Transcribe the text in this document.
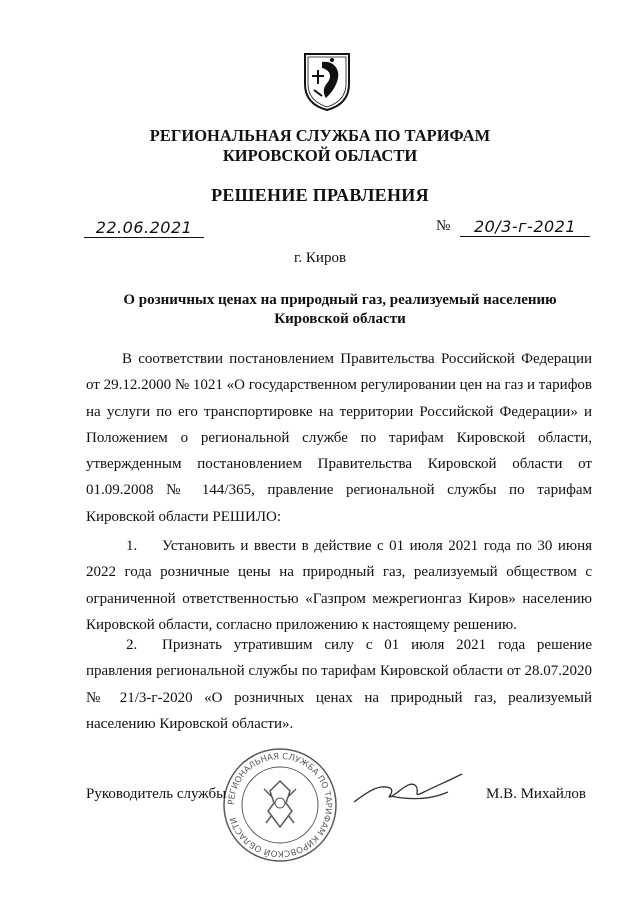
РЕГИОНАЛЬНАЯ СЛУЖБА ПО ТАРИФАМ
КИРОВСКОЙ ОБЛАСТИ
РЕШЕНИЕ ПРАВЛЕНИЯ
22.06.2021	№	20/3-г-2021
г. Киров
О розничных ценах на природный газ, реализуемый населению
Кировской области
В соответствии постановлением Правительства Российской Федерации от 29.12.2000 № 1021 «О государственном регулировании цен на газ и тарифов на услуги по его транспортировке на территории Российской Федерации» и Положением о региональной службе по тарифам Кировской области, утвержденным постановлением Правительства Кировской области от 01.09.2008 № 144/365, правление региональной службы по тарифам Кировской области РЕШИЛО:
1. Установить и ввести в действие с 01 июля 2021 года по 30 июня 2022 года розничные цены на природный газ, реализуемый обществом с ограниченной ответственностью «Газпром межрегионгаз Киров» населению Кировской области, согласно приложению к настоящему решению.
2. Признать утратившим силу с 01 июля 2021 года решение правления региональной службы по тарифам Кировской области от 28.07.2020 № 21/3-г-2020 «О розничных ценах на природный газ, реализуемый населению Кировской области».
РЕГИОНАЛЬНАЯ СЛУЖБА ПО ТАРИФАМ КИРОВСКОЙ ОБЛАСТИ
Руководитель службы	М.В. Михайлов
